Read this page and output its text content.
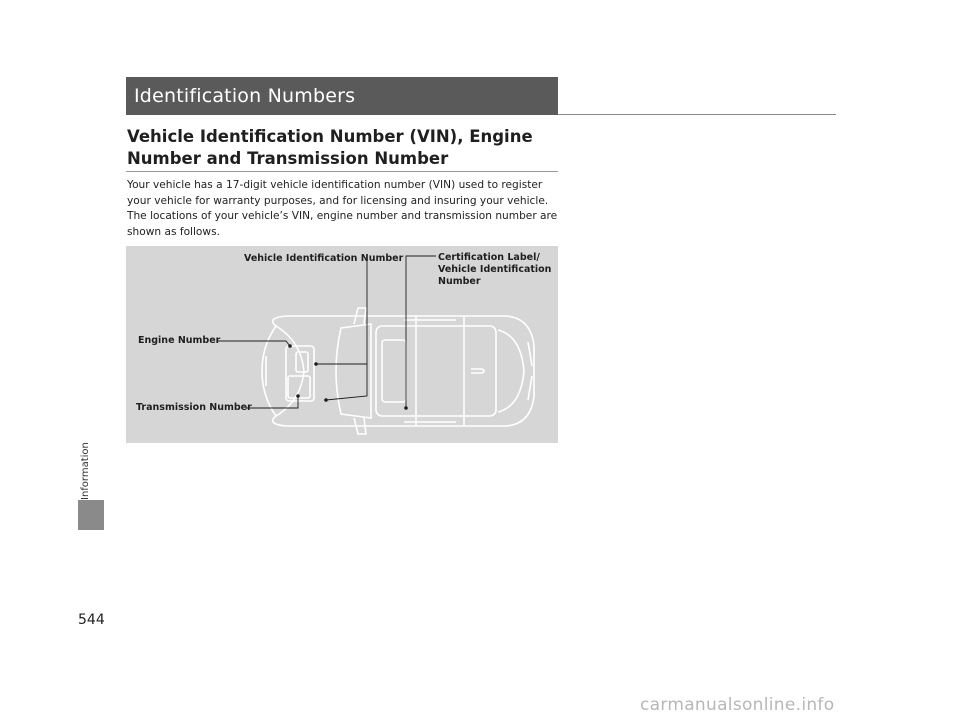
Identification Numbers
Vehicle Identification Number (VIN), Engine Number and Transmission Number

Your vehicle has a 17-digit vehicle identification number (VIN) used to register your vehicle for warranty purposes, and for licensing and insuring your vehicle.

The locations of your vehicle’s VIN, engine number and transmission number are shown as follows.

Vehicle Identification Number	Certification Label/
Vehicle Identification
Number
Engine Number
Transmission Number
Information
544
carmanualsonline.info
